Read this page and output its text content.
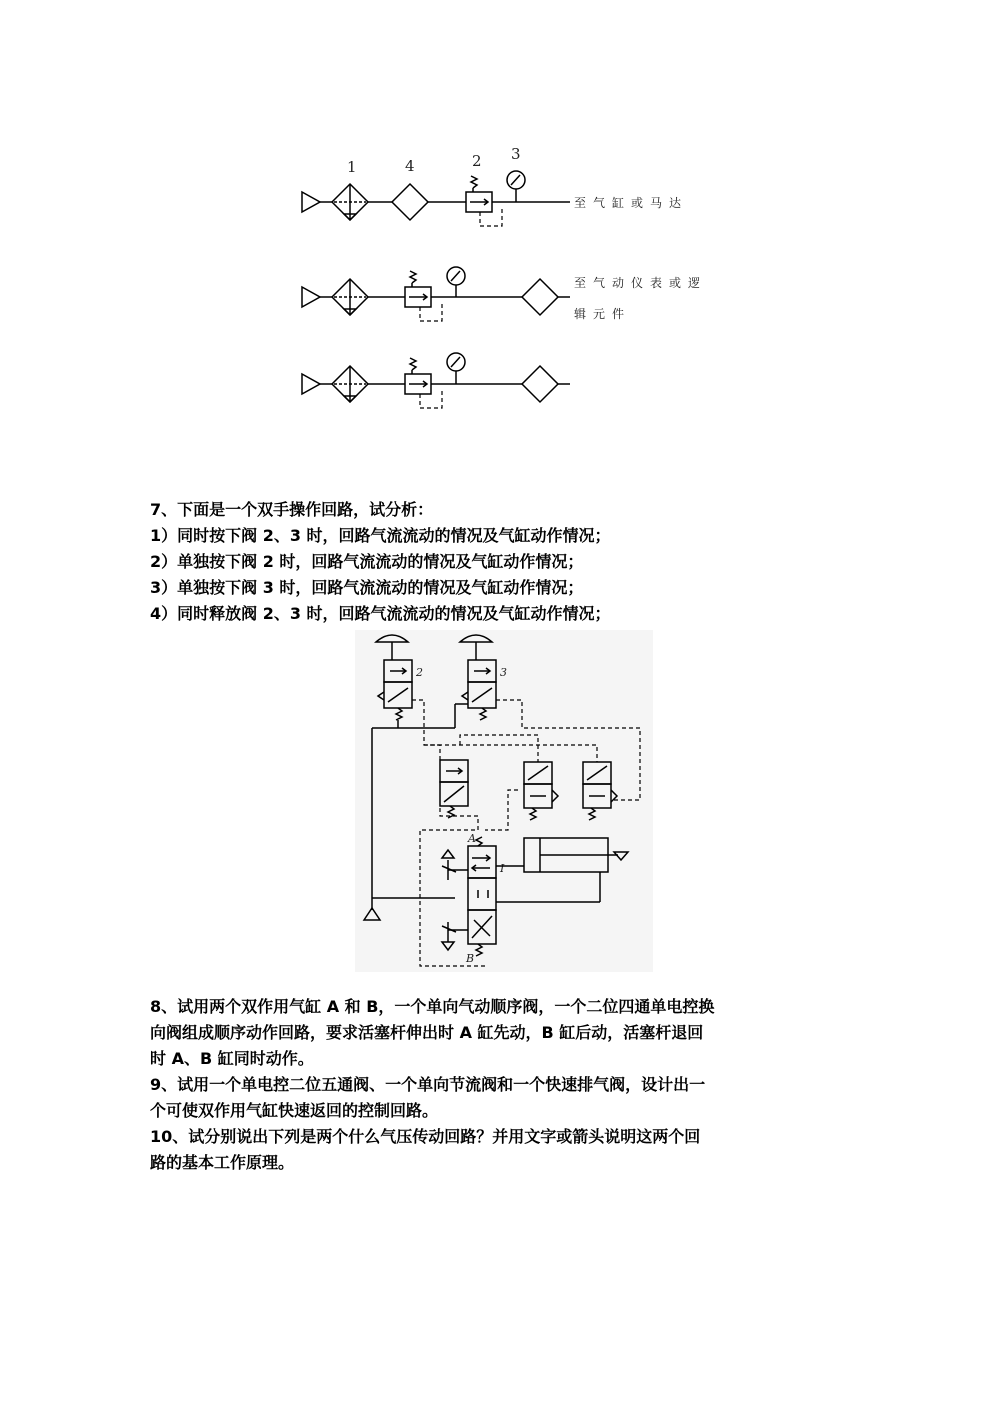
1	4	2 3
至气缸或马达
至气动仪表或逻
辑元件
7、下面是一个双手操作回路，试分析：
1）同时按下阀 2、3 时，回路气流流动的情况及气缸动作情况；
2）单独按下阀 2 时，回路气流流动的情况及气缸动作情况；
3）单独按下阀 3 时，回路气流流动的情况及气缸动作情况；
4）同时释放阀 2、3 时，回路气流流动的情况及气缸动作情况；
2	3
A
I
B
8、试用两个双作用气缸 A 和 B，一个单向气动顺序阀，一个二位四通单电控换
向阀组成顺序动作回路，要求活塞杆伸出时 A 缸先动，B 缸后动，活塞杆退回
时 A、B 缸同时动作。
9、试用一个单电控二位五通阀、一个单向节流阀和一个快速排气阀，设计出一
个可使双作用气缸快速返回的控制回路。
10、试分别说出下列是两个什么气压传动回路？并用文字或箭头说明这两个回
路的基本工作原理。
